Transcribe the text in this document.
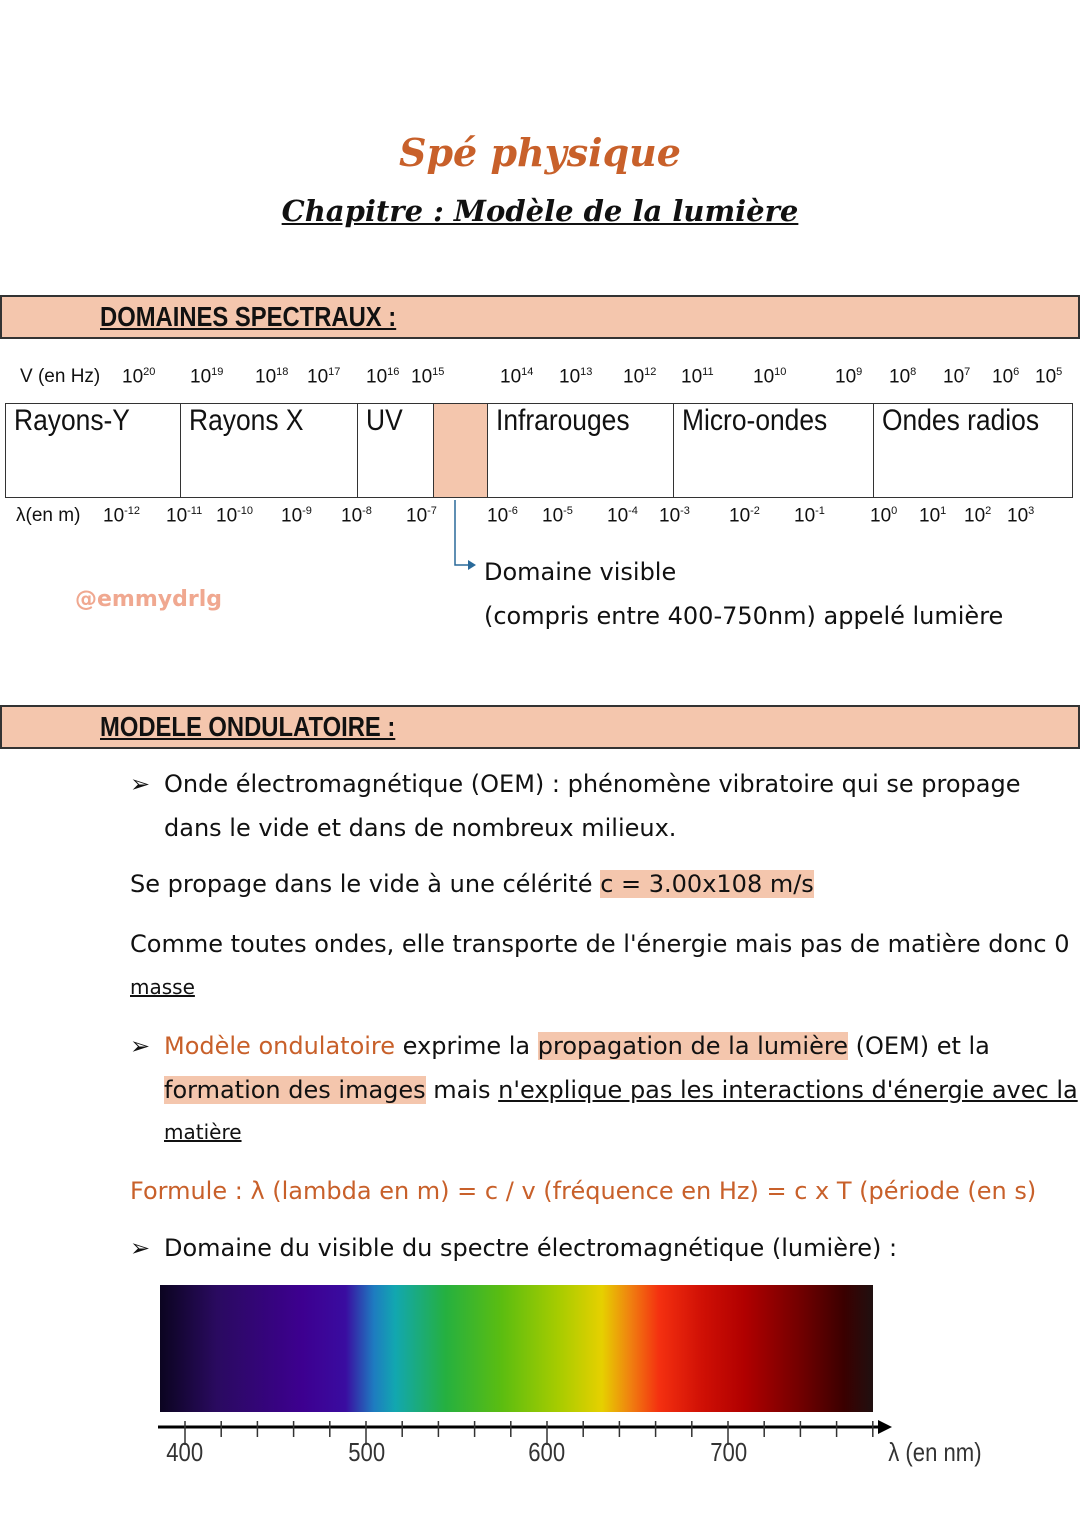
Spé physique
Chapitre : Modèle de la lumière
DOMAINES SPECTRAUX :
V (en Hz)
Rayons-Y	Rayons X	UV	Infrarouges	Micro-ondes	Ondes radios
λ(en m)
Domaine visible
(compris entre 400-750nm) appelé lumière
@emmydrlg
MODELE ONDULATOIRE :
➢ Onde électromagnétique (OEM) : phénomène vibratoire qui se propage
dans le vide et dans de nombreux milieux.
Se propage dans le vide à une célérité c = 3.00x108 m/s
Comme toutes ondes, elle transporte de l'énergie mais pas de matière donc 0
masse
➢ Modèle ondulatoire exprime la propagation de la lumière (OEM) et la
formation des images mais n'explique pas les interactions d'énergie avec la
matière
Formule : λ (lambda en m) = c / v (fréquence en Hz) = c x T (période (en s)
➢ Domaine du visible du spectre électromagnétique (lumière) :
λ (en nm)
$10^{20}$ $10^{19}$ $10^{18}$ $10^{17}$ $10^{16}$ $10^{15}$	$10^{14}$ $10^{13}$ $10^{12}$ $10^{11}$ $10^{10}$	$10^9$ $10^8$ $10^7$ $10^6$ $10^5$
$10^{-12}$ $10^{-11}$ $10^{-10}$ $10^{-9}$ $10^{-8}$ $10^{-7}$	$10^{-6}$ $10^{-5}$ $10^{-4}$ $10^{-3}$ $10^{-2}$ $10^{-1}$ $10^0$ $10^1$ $10^2$ $10^3$
400	500	600	700
